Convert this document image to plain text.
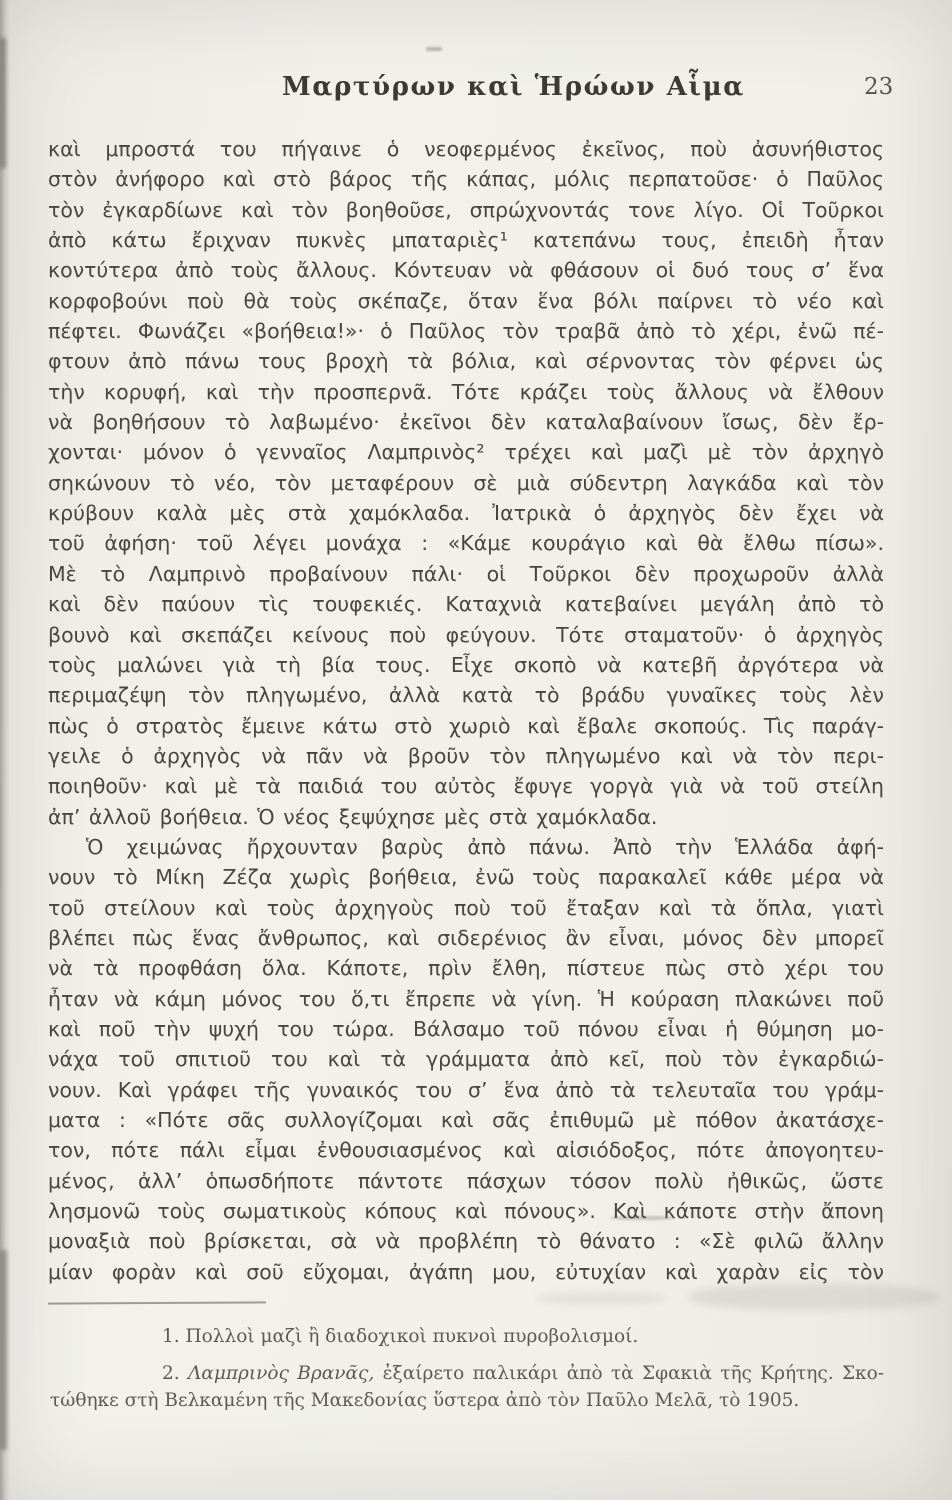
Μαρτύρων καὶ Ἡρώων Αἷμα	23

καὶ μπροστά του πήγαινε ὁ νεοφερμένος ἐκεῖνος, ποὺ ἀσυνήθιστος

στὸν ἀνήφορο καὶ στὸ βάρος τῆς κάπας, μόλις περπατοῦσε· ὁ Παῦλος

τὸν ἐγκαρδίωνε καὶ τὸν βοηθοῦσε, σπρώχνοντάς τονε λίγο. Οἱ Τοῦρκοι

ἀπὸ κάτω ἔριχναν πυκνὲς μπαταριὲς¹ κατεπάνω τους, ἐπειδὴ ἦταν

κοντύτερα ἀπὸ τοὺς ἄλλους. Κόντευαν νὰ φθάσουν οἱ δυό τους σ’ ἕνα

κορφοβούνι ποὺ θὰ τοὺς σκέπαζε, ὅταν ἕνα βόλι παίρνει τὸ νέο καὶ

πέφτει. Φωνάζει «βοήθεια!»· ὁ Παῦλος τὸν τραβᾶ ἀπὸ τὸ χέρι, ἐνῶ πέ-

φτουν ἀπὸ πάνω τους βροχὴ τὰ βόλια, καὶ σέρνοντας τὸν φέρνει ὡς

τὴν κορυφή, καὶ τὴν προσπερνᾶ. Τότε κράζει τοὺς ἄλλους νὰ ἔλθουν

νὰ βοηθήσουν τὸ λαβωμένο· ἐκεῖνοι δὲν καταλαβαίνουν ἴσως, δὲν ἔρ-

χονται· μόνον ὁ γενναῖος Λαμπρινὸς² τρέχει καὶ μαζὶ μὲ τὸν ἀρχηγὸ

σηκώνουν τὸ νέο, τὸν μεταφέρουν σὲ μιὰ σύδεντρη λαγκάδα καὶ τὸν

κρύβουν καλὰ μὲς στὰ χαμόκλαδα. Ἰατρικὰ ὁ ἀρχηγὸς δὲν ἔχει νὰ

τοῦ ἀφήση· τοῦ λέγει μονάχα : «Κάμε κουράγιο καὶ θὰ ἔλθω πίσω».

Μὲ τὸ Λαμπρινὸ προβαίνουν πάλι· οἱ Τοῦρκοι δὲν προχωροῦν ἀλλὰ

καὶ δὲν παύουν τὶς τουφεκιές. Καταχνιὰ κατεβαίνει μεγάλη ἀπὸ τὸ

βουνὸ καὶ σκεπάζει κείνους ποὺ φεύγουν. Τότε σταματοῦν· ὁ ἀρχηγὸς

τοὺς μαλώνει γιὰ τὴ βία τους. Εἶχε σκοπὸ νὰ κατεβῆ ἀργότερα νὰ

περιμαζέψη τὸν πληγωμένο, ἀλλὰ κατὰ τὸ βράδυ γυναῖκες τοὺς λὲν

πὼς ὁ στρατὸς ἔμεινε κάτω στὸ χωριὸ καὶ ἔβαλε σκοπούς. Τὶς παράγ-

γειλε ὁ ἀρχηγὸς νὰ πᾶν νὰ βροῦν τὸν πληγωμένο καὶ νὰ τὸν περι-

ποιηθοῦν· καὶ μὲ τὰ παιδιά του αὐτὸς ἔφυγε γοργὰ γιὰ νὰ τοῦ στείλη

ἀπ’ ἀλλοῦ βοήθεια. Ὁ νέος ξεψύχησε μὲς στὰ χαμόκλαδα.

Ὁ χειμώνας ἤρχουνταν βαρὺς ἀπὸ πάνω. Ἀπὸ τὴν Ἑλλάδα ἀφή-

νουν τὸ Μίκη Ζέζα χωρὶς βοήθεια, ἐνῶ τοὺς παρακαλεῖ κάθε μέρα νὰ

τοῦ στείλουν καὶ τοὺς ἀρχηγοὺς ποὺ τοῦ ἔταξαν καὶ τὰ ὅπλα, γιατὶ

βλέπει πὼς ἕνας ἄνθρωπος, καὶ σιδερένιος ἂν εἶναι, μόνος δὲν μπορεῖ

νὰ τὰ προφθάση ὅλα. Κάποτε, πρὶν ἔλθη, πίστευε πὼς στὸ χέρι του

ἦταν νὰ κάμη μόνος του ὅ,τι ἔπρεπε νὰ γίνη. Ἡ κούραση πλακώνει ποῦ

καὶ ποῦ τὴν ψυχή του τώρα. Βάλσαμο τοῦ πόνου εἶναι ἡ θύμηση μο-

νάχα τοῦ σπιτιοῦ του καὶ τὰ γράμματα ἀπὸ κεῖ, ποὺ τὸν ἐγκαρδιώ-

νουν. Καὶ γράφει τῆς γυναικός του σ’ ἕνα ἀπὸ τὰ τελευταῖα του γράμ-

ματα : «Πότε σᾶς συλλογίζομαι καὶ σᾶς ἐπιθυμῶ μὲ πόθον ἀκατάσχε-

τον, πότε πάλι εἶμαι ἐνθουσιασμένος καὶ αἰσιόδοξος, πότε ἀπογοητευ-

μένος, ἀλλ’ ὁπωσδήποτε πάντοτε πάσχων τόσον πολὺ ἠθικῶς, ὥστε

λησμονῶ τοὺς σωματικοὺς κόπους καὶ πόνους». Καὶ κάποτε στὴν ἄπονη

μοναξιὰ ποὺ βρίσκεται, σὰ νὰ προβλέπη τὸ θάνατο : «Σὲ φιλῶ ἄλλην

μίαν φορὰν καὶ σοῦ εὔχομαι, ἀγάπη μου, εὐτυχίαν καὶ χαρὰν εἰς τὸν

1. Πολλοὶ μαζὶ ἢ διαδοχικοὶ πυκνοὶ πυροβολισμοί.

2. Λαμπρινὸς Βρανᾶς, ἐξαίρετο παλικάρι ἀπὸ τὰ Σφακιὰ τῆς Κρήτης. Σκο-

τώθηκε στὴ Βελκαμένη τῆς Μακεδονίας ὕστερα ἀπὸ τὸν Παῦλο Μελᾶ, τὸ 1905.
